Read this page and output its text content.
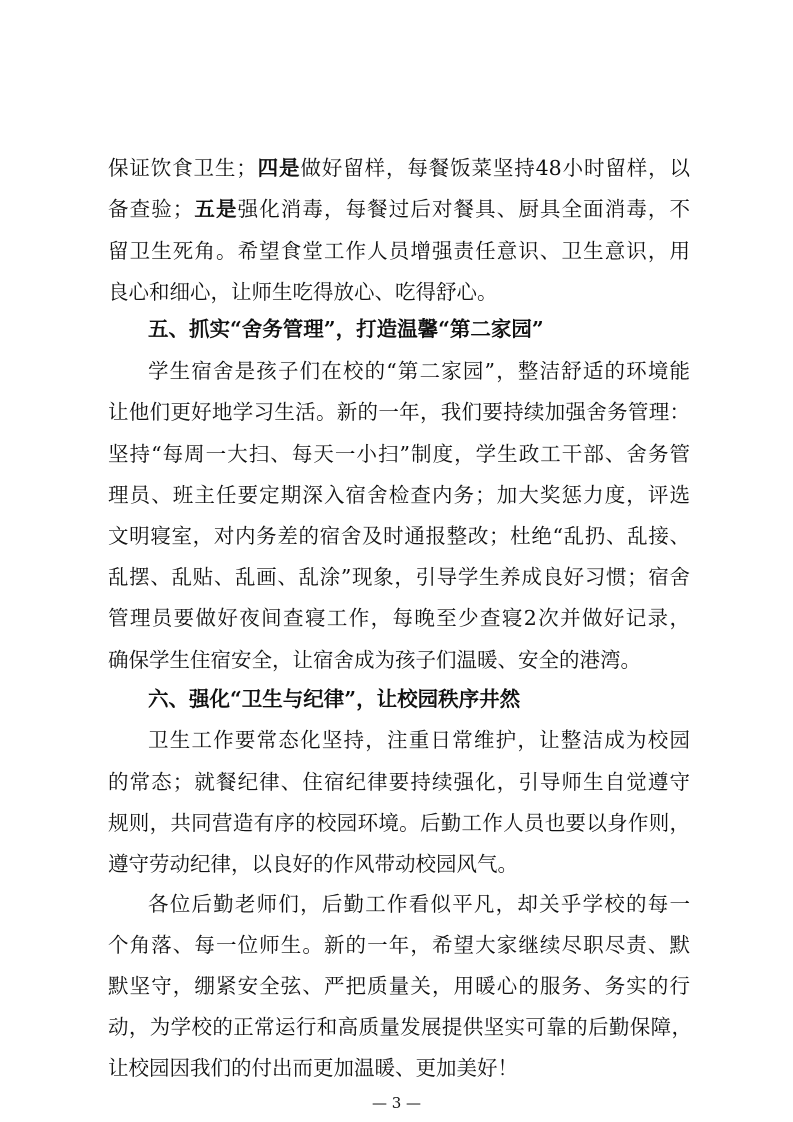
保证饮食卫生；四是做好留样，每餐饭菜坚持48小时留样，以
备查验；五是强化消毒，每餐过后对餐具、厨具全面消毒，不
留卫生死角。希望食堂工作人员增强责任意识、卫生意识，用
良心和细心，让师生吃得放心、吃得舒心。
五、抓实“舍务管理”，打造温馨“第二家园”
学生宿舍是孩子们在校的“第二家园”，整洁舒适的环境能
让他们更好地学习生活。新的一年，我们要持续加强舍务管理：
坚持“每周一大扫、每天一小扫”制度，学生政工干部、舍务管
理员、班主任要定期深入宿舍检查内务；加大奖惩力度，评选
文明寝室，对内务差的宿舍及时通报整改；杜绝“乱扔、乱接、
乱摆、乱贴、乱画、乱涂”现象，引导学生养成良好习惯；宿舍
管理员要做好夜间查寝工作，每晚至少查寝2次并做好记录，
确保学生住宿安全，让宿舍成为孩子们温暖、安全的港湾。
六、强化“卫生与纪律”，让校园秩序井然
卫生工作要常态化坚持，注重日常维护，让整洁成为校园
的常态；就餐纪律、住宿纪律要持续强化，引导师生自觉遵守
规则，共同营造有序的校园环境。后勤工作人员也要以身作则，
遵守劳动纪律，以良好的作风带动校园风气。
各位后勤老师们，后勤工作看似平凡，却关乎学校的每一
个角落、每一位师生。新的一年，希望大家继续尽职尽责、默
默坚守，绷紧安全弦、严把质量关，用暖心的服务、务实的行
动，为学校的正常运行和高质量发展提供坚实可靠的后勤保障，
让校园因我们的付出而更加温暖、更加美好！
— 3 —
